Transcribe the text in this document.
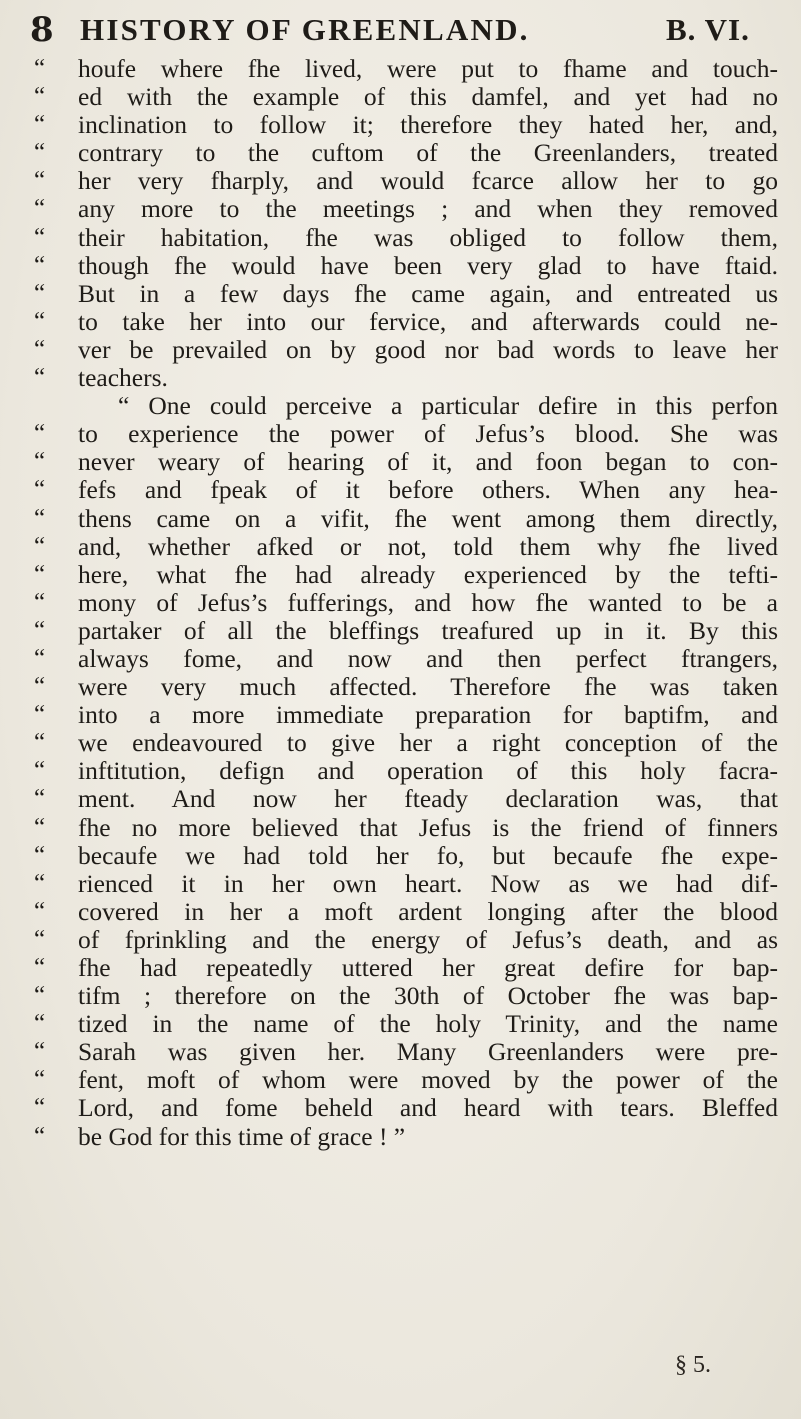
8 HISTORY OF GREENLAND.	B. VI.
“ houfe where fhe lived, were put to fhame and touch-
“ ed with the example of this damfel, and yet had no
“ inclination to follow it; therefore they hated her, and,
“ contrary to the cuftom of the Greenlanders, treated
“ her very fharply, and would fcarce allow her to go
“ any more to the meetings ; and when they removed
“ their habitation, fhe was obliged to follow them,
“ though fhe would have been very glad to have ftaid.
“ But in a few days fhe came again, and entreated us
“ to take her into our fervice, and afterwards could ne-
“ ver be prevailed on by good nor bad words to leave her
“ teachers.
“ One could perceive a particular defire in this perfon
“ to experience the power of Jefus’s blood. She was
“ never weary of hearing of it, and foon began to con-
“ fefs and fpeak of it before others. When any hea-
“ thens came on a vifit, fhe went among them directly,
“ and, whether afked or not, told them why fhe lived
“ here, what fhe had already experienced by the tefti-
“ mony of Jefus’s fufferings, and how fhe wanted to be a
“ partaker of all the bleffings treafured up in it. By this
“ always fome, and now and then perfect ftrangers,
“ were very much affected. Therefore fhe was taken
“ into a more immediate preparation for baptifm, and
“ we endeavoured to give her a right conception of the
“ inftitution, defign and operation of this holy facra-
“ ment. And now her fteady declaration was, that
“ fhe no more believed that Jefus is the friend of finners
“ becaufe we had told her fo, but becaufe fhe expe-
“ rienced it in her own heart. Now as we had dif-
“ covered in her a moft ardent longing after the blood
“ of fprinkling and the energy of Jefus’s death, and as
“ fhe had repeatedly uttered her great defire for bap-
“ tifm ; therefore on the 30th of October fhe was bap-
“ tized in the name of the holy Trinity, and the name
“ Sarah was given her. Many Greenlanders were pre-
“ fent, moft of whom were moved by the power of the
“ Lord, and fome beheld and heard with tears. Bleffed
“ be God for this time of grace ! ”
§ 5.
